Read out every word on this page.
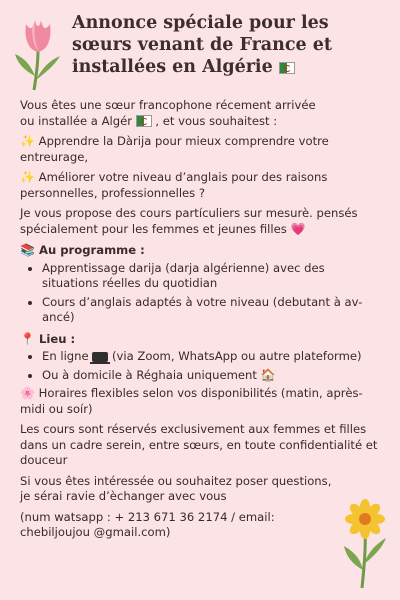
Annonce spéciale pour les sœurs venant de France et installées en Algérie

Vous êtes une sœur francophone récement arrivée
ou installée a Algér , et vous souhaitest :

✨ Apprendre la Dàrija pour mieux comprendre votre entreurage,

✨ Améliorer votre niveau d’anglais pour des raisons personnelles, professionnelles ?

Je vous propose des cours partículiers sur mesurè. pensés spécialement pour les femmes et jeunes filles 💗

📚 Au programme :
• Apprentissage darija (darja algérienne) avec des situations réelles du quotidian
• Cours d’anglais adaptés à votre niveau (debutant à av-ancé)
📍 Lieu :
• En ligne (via Zoom, WhatsApp ou autre plateforme)
• Ou à domicile à Réghaia uniquement 🏠

🌸 Horaires flexibles selon vos disponibilités (matin, après-midi ou soír)

Les cours sont réservés exclusivement aux femmes et filles dans un cadre serein, entre sœurs, en toute confidentialité et douceur

Si vous êtes intéressée ou souhaitez poser questions, je sérai ravie d’èchanger avec vous

(num watsapp : + 213 671 36 2174 / email: chebiljoujou @gmail.com)
